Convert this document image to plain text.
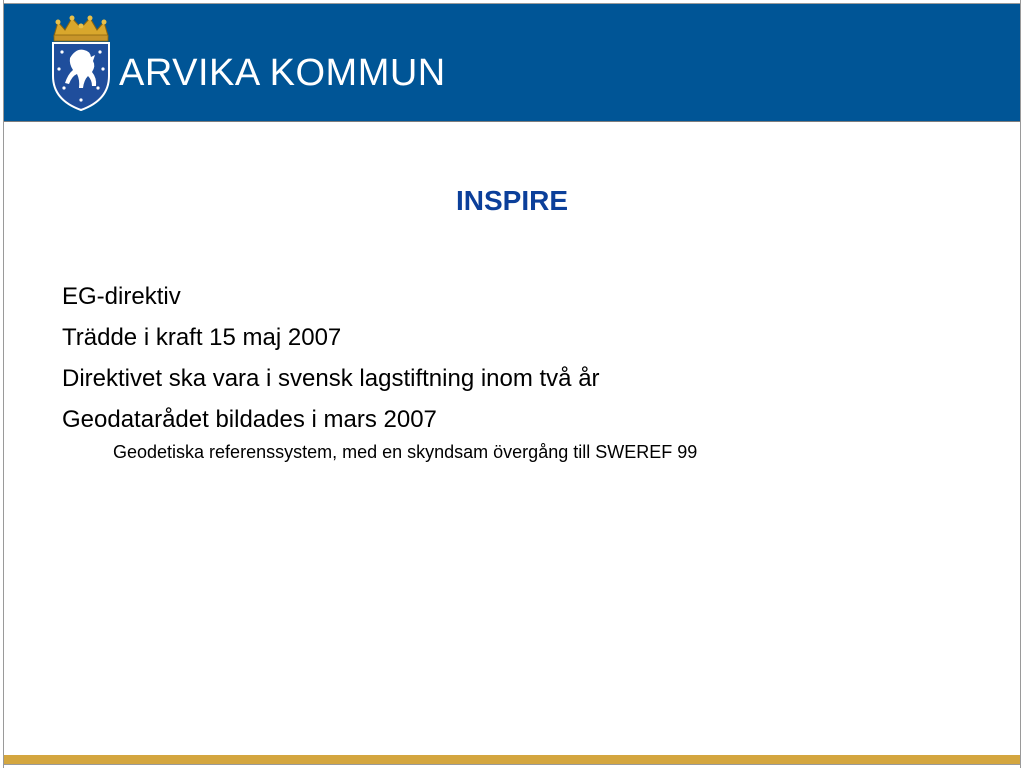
ARVIKA KOMMUN
INSPIRE
EG-direktiv
Trädde i kraft 15 maj 2007
Direktivet ska vara i svensk lagstiftning inom två år
Geodatarådet bildades i mars 2007
Geodetiska referenssystem, med en skyndsam övergång till SWEREF 99
